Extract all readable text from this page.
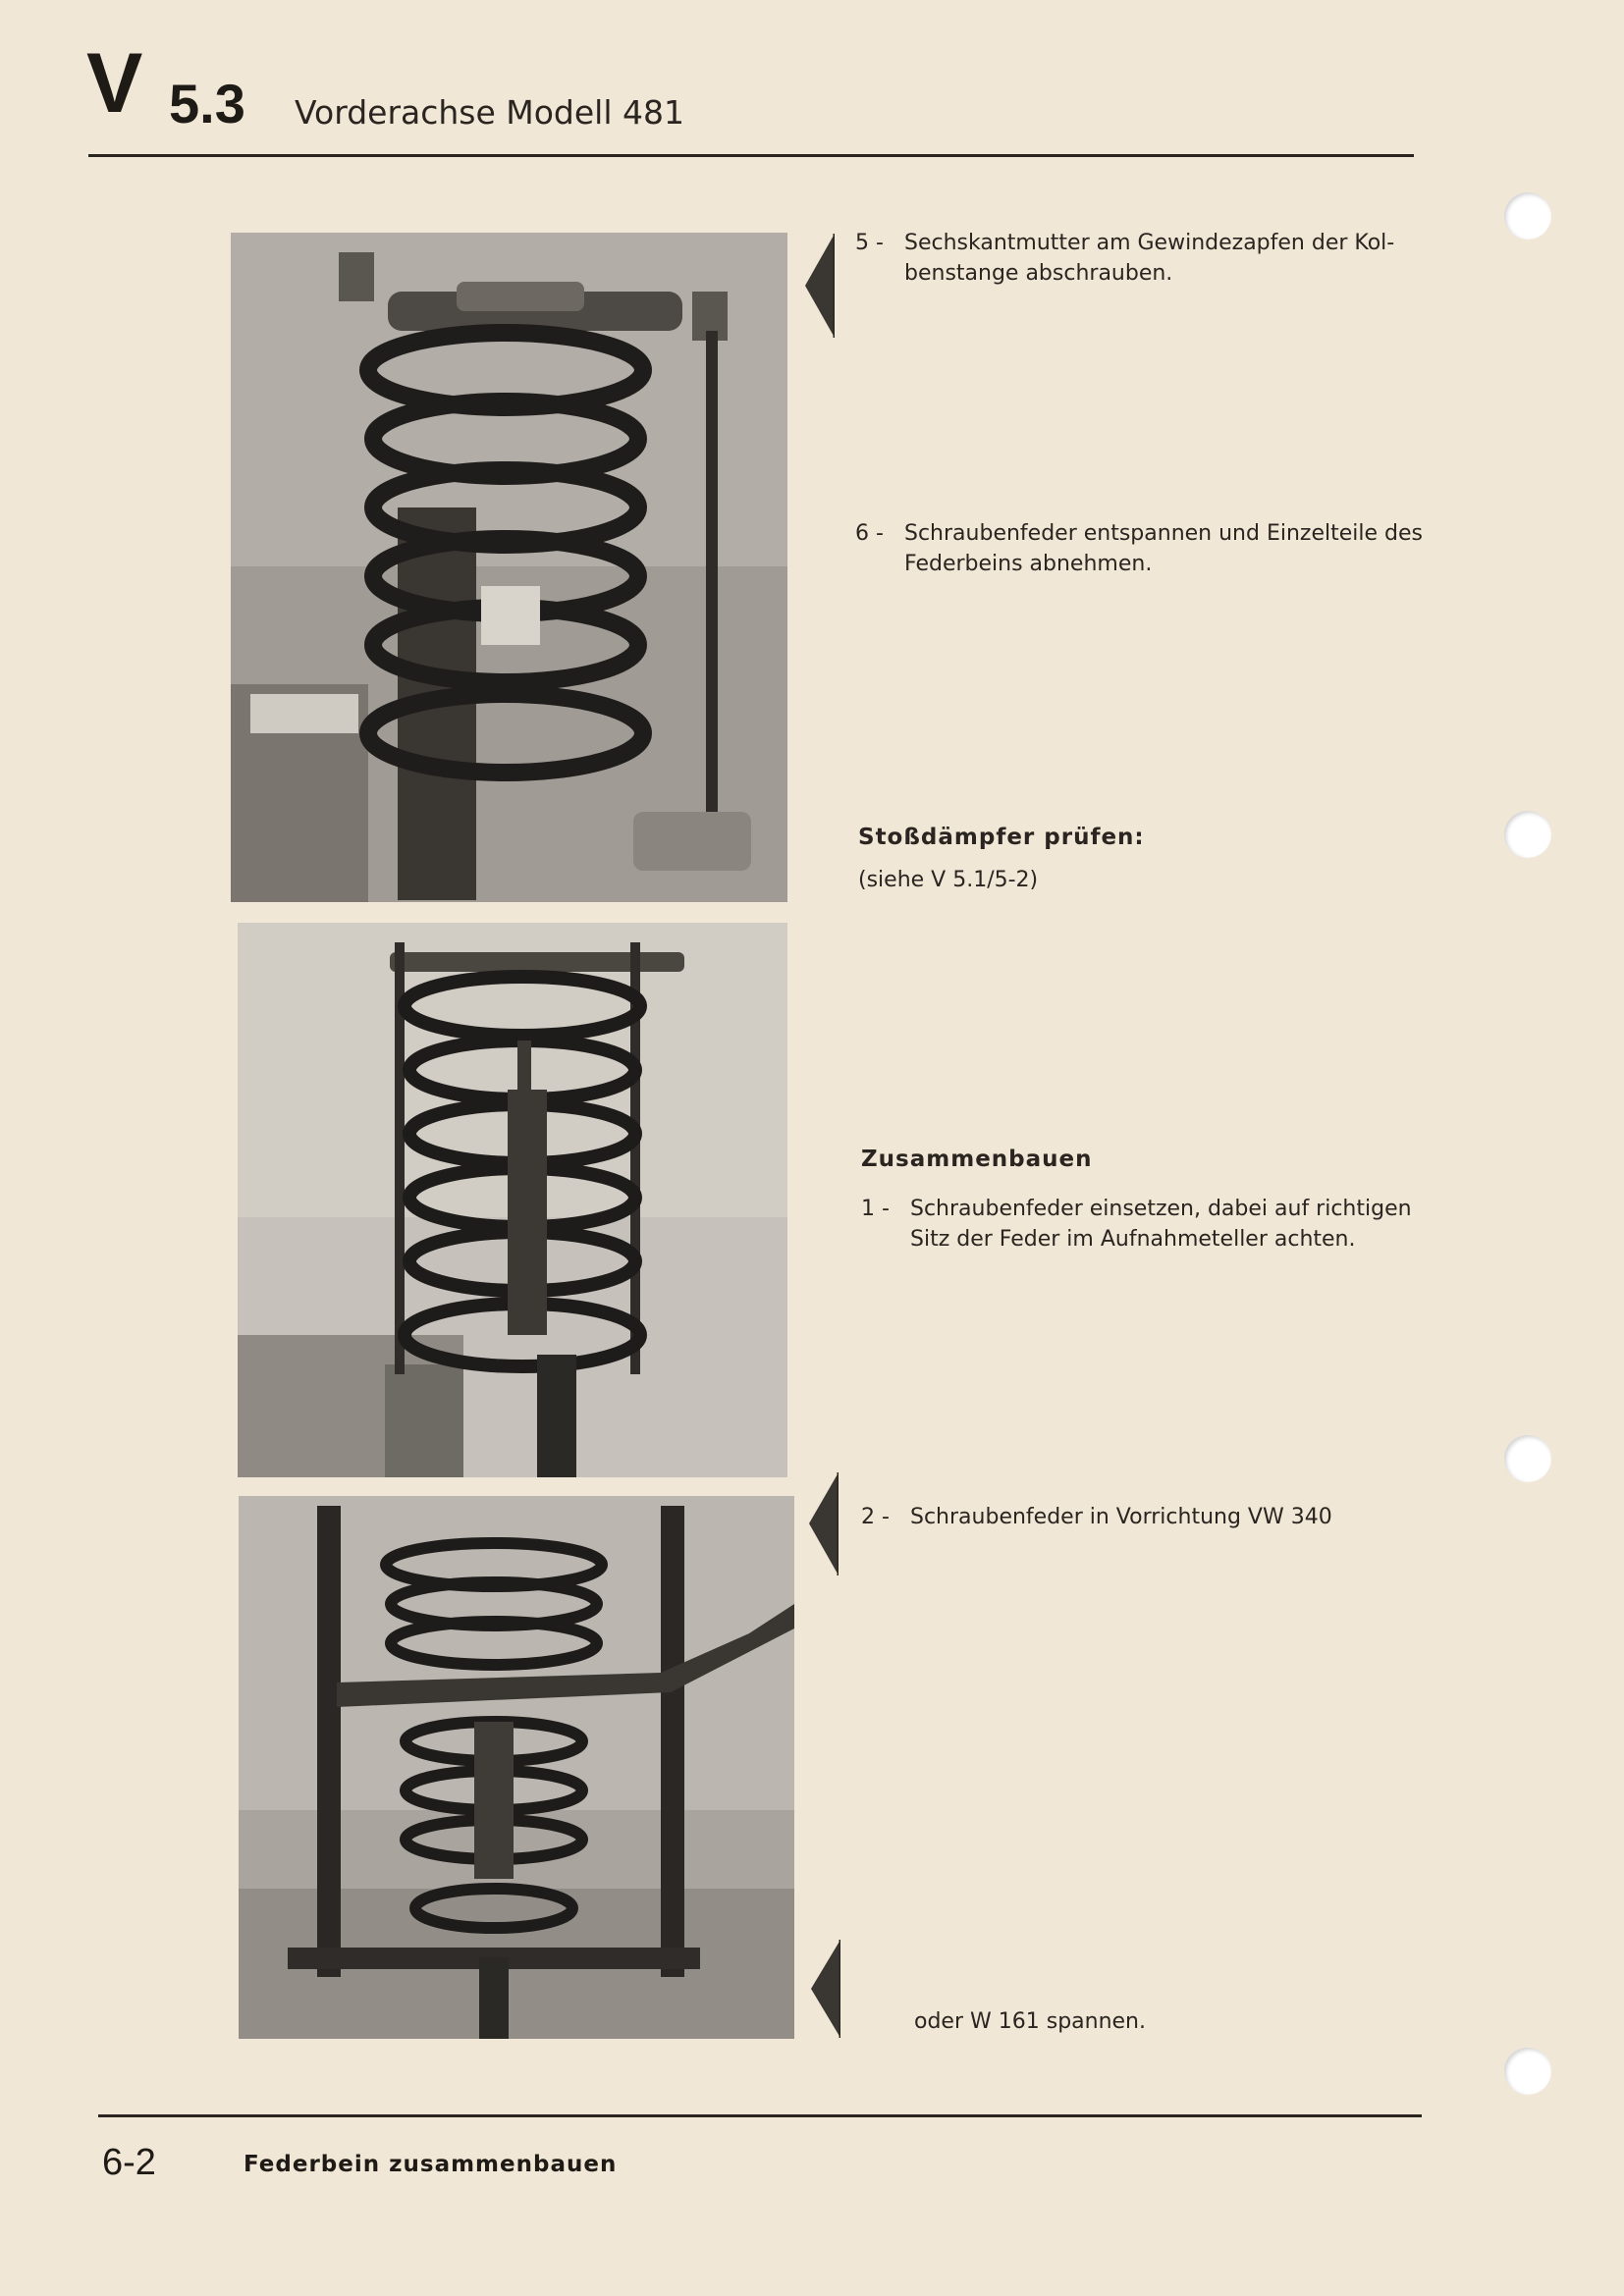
V 5.3 Vorderachse Modell 481
5 - Sechskantmutter am Gewindezapfen der Kol-
benstange abschrauben.
6 - Schraubenfeder entspannen und Einzelteile des
Federbeins abnehmen.
Stoßdämpfer prüfen:
(siehe V 5.1/5-2)
Zusammenbauen
1 - Schraubenfeder einsetzen, dabei auf richtigen
Sitz der Feder im Aufnahmeteller achten.
2 - Schraubenfeder in Vorrichtung VW 340
oder W 161 spannen.
6-2	Federbein zusammenbauen
